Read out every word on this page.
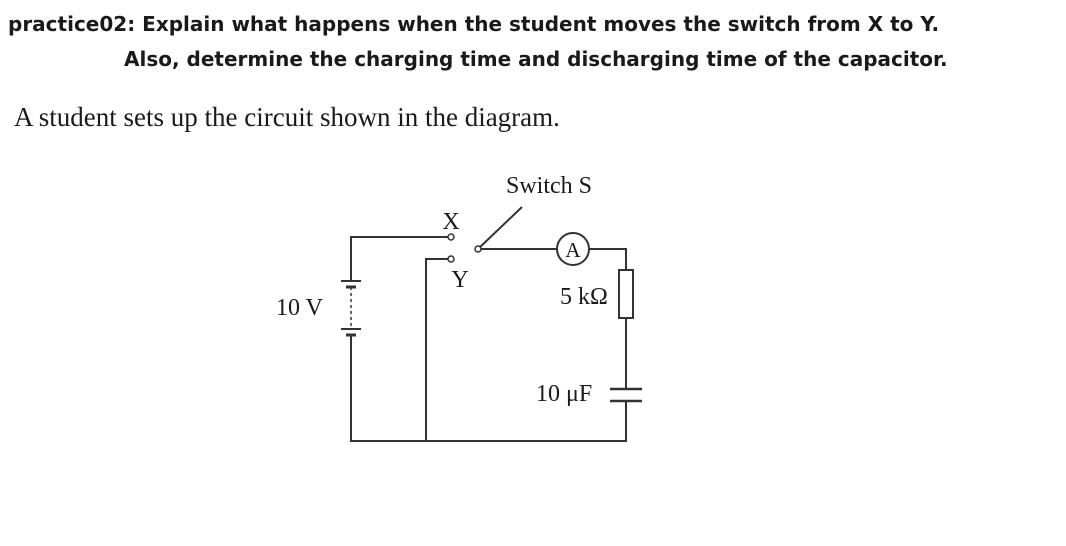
practice02: Explain what happens when the student moves the switch from X to Y.
Also, determine the charging time and discharging time of the capacitor.
A student sets up the circuit shown in the diagram.
A
Switch S
X
Y
5 kΩ
10 μF
10 V
